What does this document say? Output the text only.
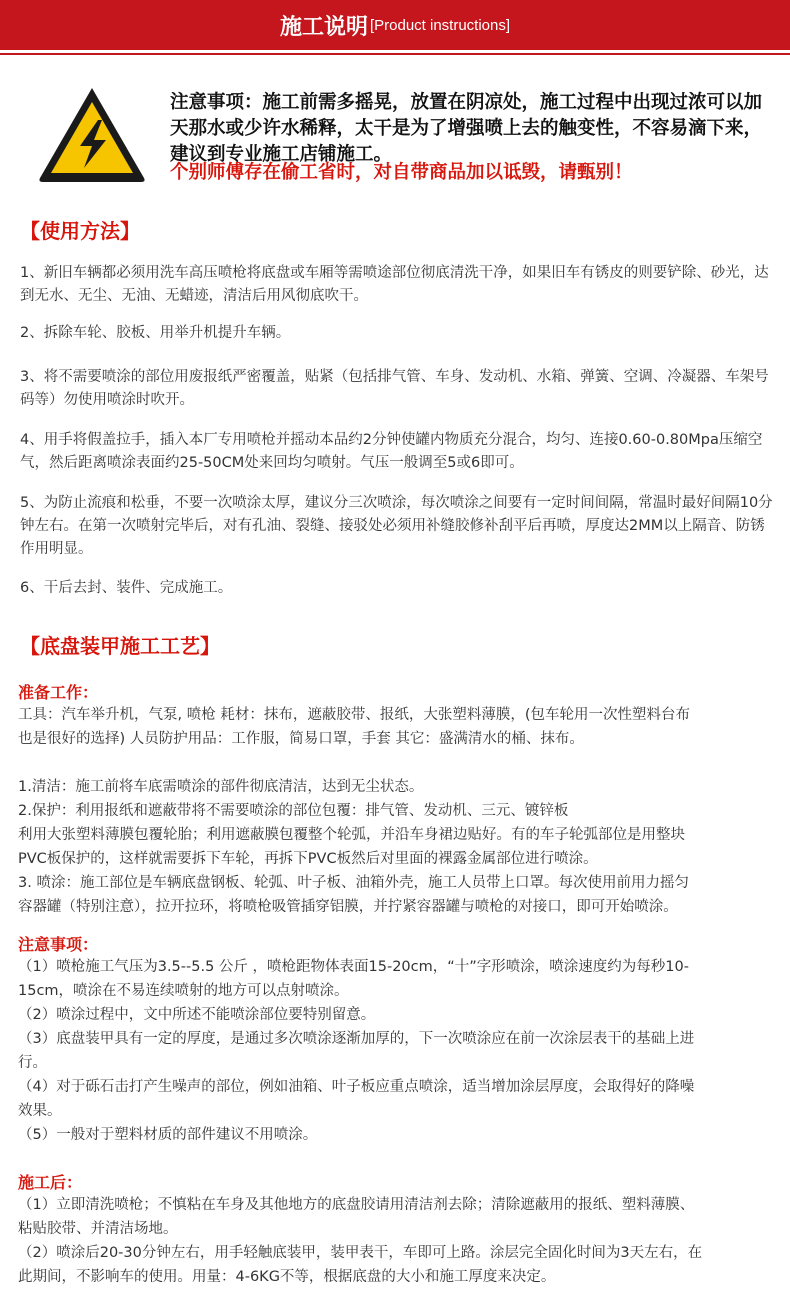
施工说明 [Product instructions]
注意事项：施工前需多摇晃，放置在阴凉处，施工过程中出现过浓可以加天那水或少许水稀释，太干是为了增强喷上去的触变性，不容易滴下来，建议到专业施工店铺施工。
个别师傅存在偷工省时，对自带商品加以诋毁，请甄别！
【使用方法】
1、新旧车辆都必须用洗车高压喷枪将底盘或车厢等需喷途部位彻底清洗干净，如果旧车有锈皮的则要铲除、砂光，达到无水、无尘、无油、无蜡迹，清洁后用风彻底吹干。
2、拆除车轮、胶板、用举升机提升车辆。
3、将不需要喷涂的部位用废报纸严密覆盖，贴紧（包括排气管、车身、发动机、水箱、弹簧、空调、冷凝器、车架号码等）勿使用喷涂时吹开。
4、用手将假盖拉手，插入本厂专用喷枪并摇动本品约2分钟使罐内物质充分混合，均匀、连接0.60-0.80Mpa压缩空气，然后距离喷涂表面约25-50CM处来回均匀喷射。气压一般调至5或6即可。
5、为防止流痕和松垂，不要一次喷涂太厚，建议分三次喷涂，每次喷涂之间要有一定时间间隔，常温时最好间隔10分钟左右。在第一次喷射完毕后，对有孔油、裂缝、接驳处必须用补缝胶修补刮平后再喷，厚度达2MM以上隔音、防锈作用明显。
6、干后去封、装件、完成施工。
【底盘装甲施工工艺】
准备工作：
工具：汽车举升机，气泵, 喷枪 耗材：抹布，遮蔽胶带、报纸，大张塑料薄膜，(包车轮用一次性塑料台布
也是很好的选择) 人员防护用品：工作服，简易口罩，手套 其它：盛满清水的桶、抹布。
1.清洁：施工前将车底需喷涂的部件彻底清洁，达到无尘状态。
2.保护：利用报纸和遮蔽带将不需要喷涂的部位包覆：排气管、发动机、三元、镀锌板
利用大张塑料薄膜包覆轮胎；利用遮蔽膜包覆整个轮弧，并沿车身裙边贴好。有的车子轮弧部位是用整块
PVC板保护的，这样就需要拆下车轮，再拆下PVC板然后对里面的裸露金属部位进行喷涂。
3. 喷涂：施工部位是车辆底盘钢板、轮弧、叶子板、油箱外壳，施工人员带上口罩。每次使用前用力摇匀
容器罐（特别注意），拉开拉环，将喷枪吸管插穿铝膜，并拧紧容器罐与喷枪的对接口，即可开始喷涂。
注意事项：
（1）喷枪施工气压为3.5--5.5 公斤 ，喷枪距物体表面15-20cm，“十”字形喷涂，喷涂速度约为每秒10-
15cm，喷涂在不易连续喷射的地方可以点射喷涂。
（2）喷涂过程中，文中所述不能喷涂部位要特别留意。
（3）底盘装甲具有一定的厚度，是通过多次喷涂逐渐加厚的，下一次喷涂应在前一次涂层表干的基础上进
行。
（4）对于砾石击打产生噪声的部位，例如油箱、叶子板应重点喷涂，适当增加涂层厚度，会取得好的降噪
效果。
（5）一般对于塑料材质的部件建议不用喷涂。
施工后：
（1）立即清洗喷枪；不慎粘在车身及其他地方的底盘胶请用清洁剂去除；清除遮蔽用的报纸、塑料薄膜、
粘贴胶带、并清洁场地。
（2）喷涂后20-30分钟左右，用手轻触底装甲，装甲表干，车即可上路。涂层完全固化时间为3天左右，在
此期间，不影响车的使用。用量：4-6KG不等，根据底盘的大小和施工厚度来决定。
